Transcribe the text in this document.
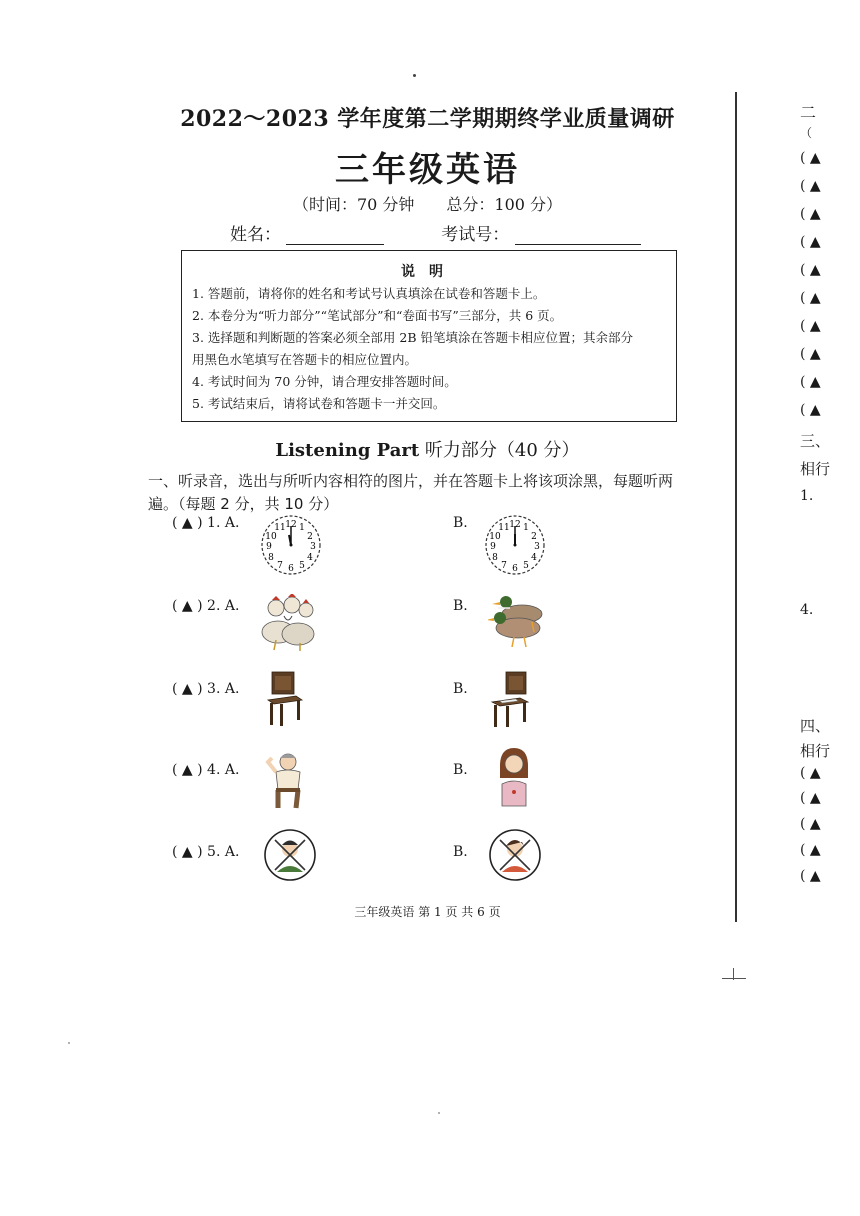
2022～2023 学年度第二学期期终学业质量调研
三年级英语
（时间：70 分钟　　总分：100 分）
姓名：	考试号：
说明
1. 答题前，请将你的姓名和考试号认真填涂在试卷和答题卡上。
2. 本卷分为“听力部分”“笔试部分”和“卷面书写”三部分，共 6 页。
3. 选择题和判断题的答案必须全部用 2B 铅笔填涂在答题卡相应位置；其余部分
用黑色水笔填写在答题卡的相应位置内。
4. 考试时间为 70 分钟，请合理安排答题时间。
5. 考试结束后，请将试卷和答题卡一并交回。
Listening Part 听力部分（40 分）
一、听录音，选出与所听内容相符的图片，并在答题卡上将该项涂黑，每题听两遍。（每题 2 分，共 10 分）
( ▲ ) 1. A.	12 1
2
3
4
5
6
7
8
9
10
11	B.	12 1
2
3
4
5
6
7
8
9
10
11
( ▲ ) 2. A.	B.
( ▲ ) 3. A.	B.
( ▲ ) 4. A.	B.
( ▲ ) 5. A.	B.
三年级英语 第 1 页 共 6 页
二
（
( ▲
( ▲
( ▲
( ▲
( ▲
( ▲
( ▲
( ▲
( ▲
( ▲
三、
相行
1.
4.
四、
相行
( ▲
( ▲
( ▲
( ▲
( ▲
